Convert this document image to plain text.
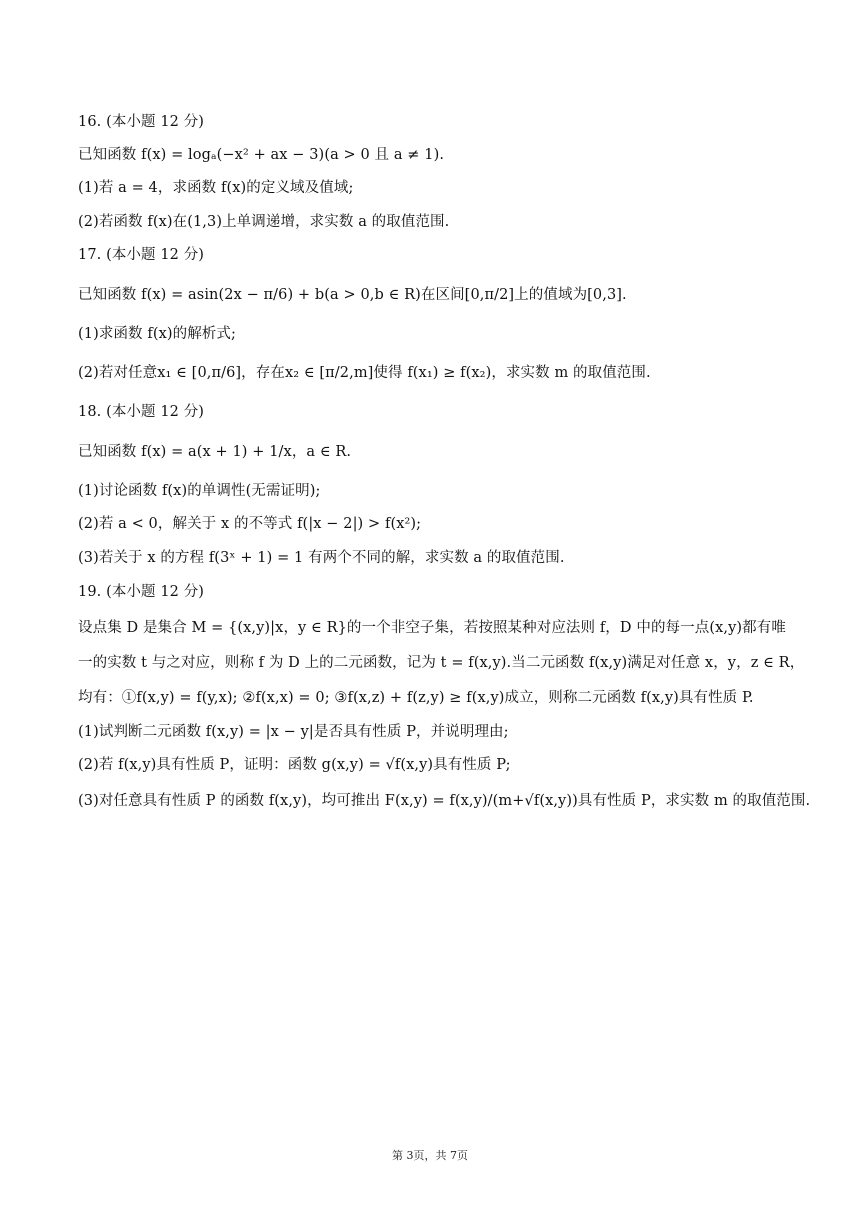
16. (本小题 12 分)
已知函数 f(x) = logₐ(−x² + ax − 3)(a > 0 且 a ≠ 1).
(1)若 a = 4，求函数 f(x)的定义域及值域;
(2)若函数 f(x)在(1,3)上单调递增，求实数 a 的取值范围.
17. (本小题 12 分)
已知函数 f(x) = asin(2x − π/6) + b(a > 0,b ∈ R)在区间[0,π/2]上的值域为[0,3].
(1)求函数 f(x)的解析式;
(2)若对任意x₁ ∈ [0,π/6]，存在x₂ ∈ [π/2,m]使得 f(x₁) ≥ f(x₂)，求实数 m 的取值范围.
18. (本小题 12 分)
已知函数 f(x) = a(x + 1) + 1/x，a ∈ R.
(1)讨论函数 f(x)的单调性(无需证明);
(2)若 a < 0，解关于 x 的不等式 f(|x − 2|) > f(x²);
(3)若关于 x 的方程 f(3ˣ + 1) = 1 有两个不同的解，求实数 a 的取值范围.
19. (本小题 12 分)
设点集 D 是集合 M = {(x,y)|x，y ∈ R}的一个非空子集，若按照某种对应法则 f，D 中的每一点(x,y)都有唯
一的实数 t 与之对应，则称 f 为 D 上的二元函数，记为 t = f(x,y).当二元函数 f(x,y)满足对任意 x，y，z ∈ R，
均有：①f(x,y) = f(y,x); ②f(x,x) = 0; ③f(x,z) + f(z,y) ≥ f(x,y)成立，则称二元函数 f(x,y)具有性质 P.
(1)试判断二元函数 f(x,y) = |x − y|是否具有性质 P，并说明理由;
(2)若 f(x,y)具有性质 P，证明：函数 g(x,y) = √f(x,y)具有性质 P;
(3)对任意具有性质 P 的函数 f(x,y)，均可推出 F(x,y) = f(x,y)/(m+√f(x,y))具有性质 P，求实数 m 的取值范围.
第 3页，共 7页
